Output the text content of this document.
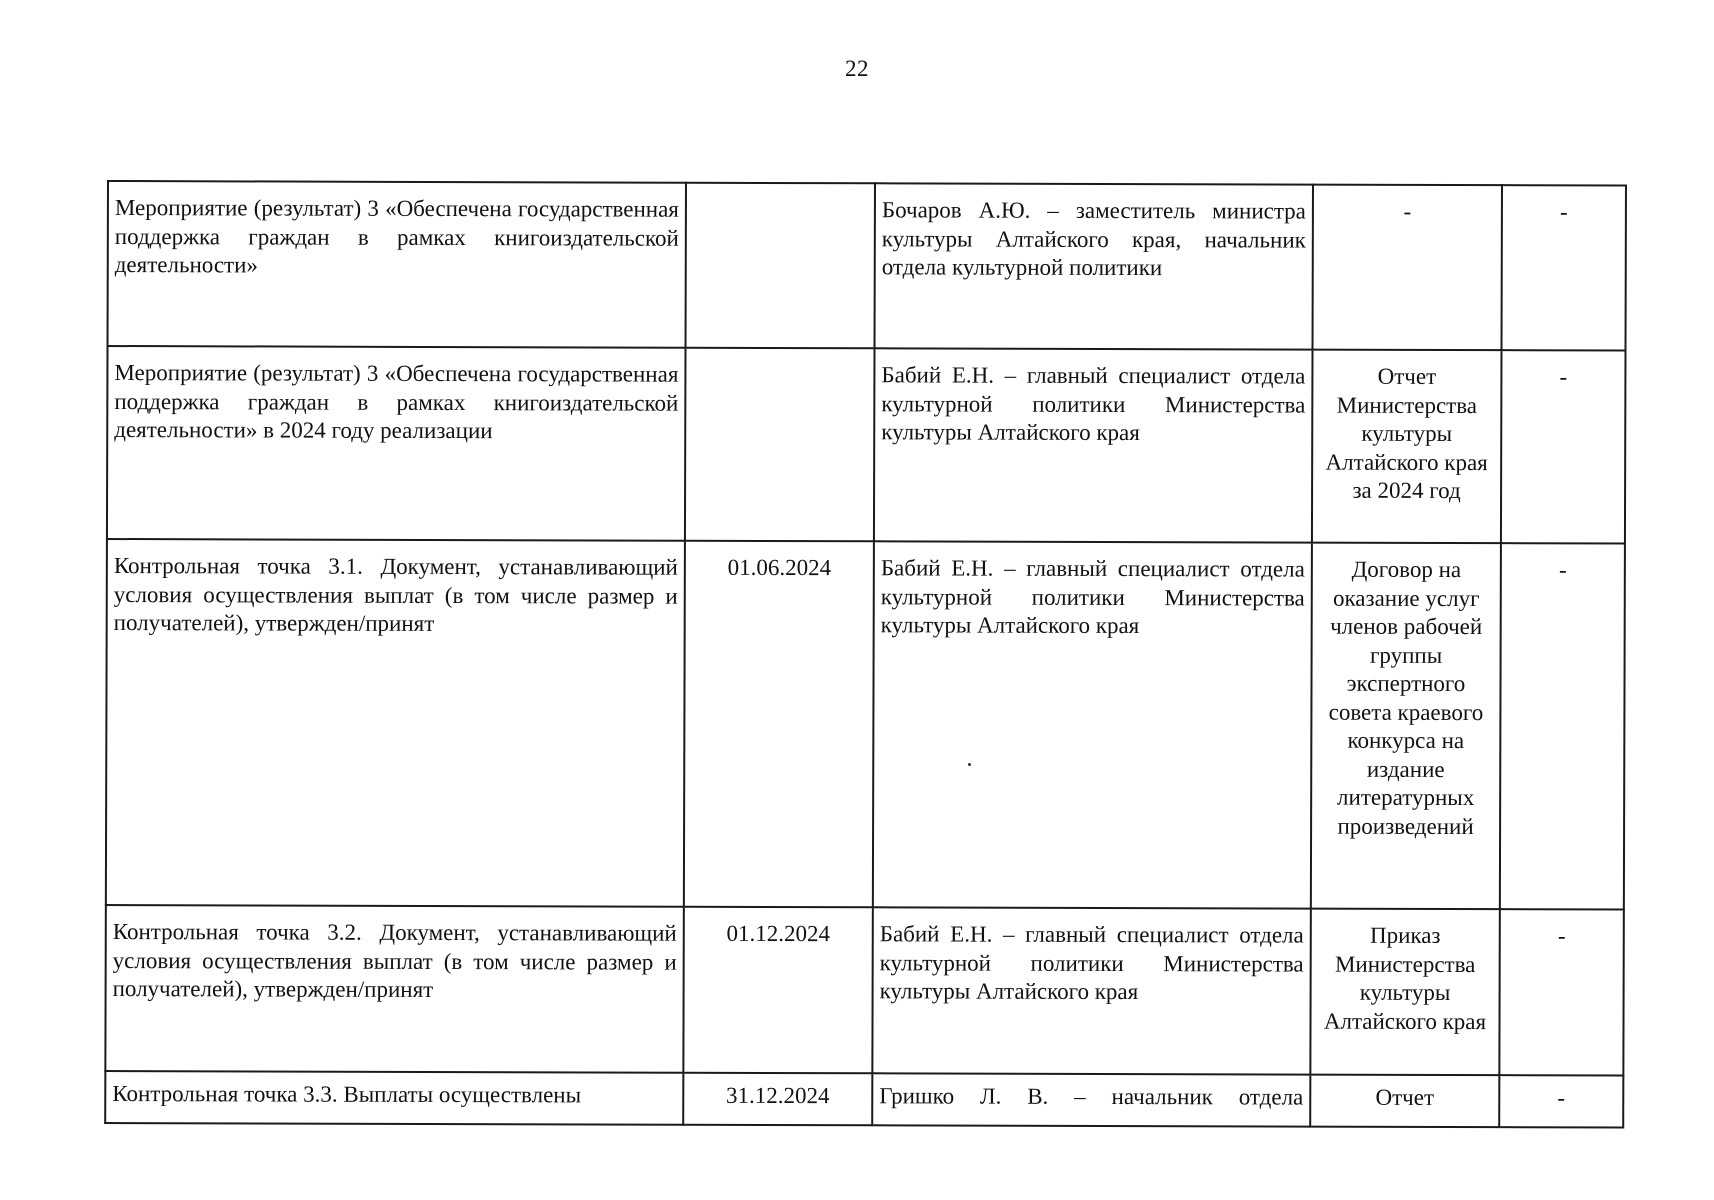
22
Мероприятие (результат) 3 «Обеспечена государственная поддержка граждан в рамках книгоиздательской деятельности»		Бочаров А.Ю. – заместитель министра культуры Алтайского края, начальник отдела культурной политики	-	-
Мероприятие (результат) 3 «Обеспечена государственная поддержка граждан в рамках книгоиздательской деятельности» в 2024 году реализации		Бабий Е.Н. – главный специалист отдела культурной политики Министерства культуры Алтайского края	Отчет Министерства культуры Алтайского края за 2024 год	-
Контрольная точка 3.1. Документ, устанавливающий условия осуществления выплат (в том числе размер и получателей), утвержден/принят	01.06.2024	Бабий Е.Н. – главный специалист отдела культурной политики Министерства культуры Алтайского края	Договор на оказание услуг членов рабочей группы экспертного совета краевого конкурса на издание литературных произведений	-
Контрольная точка 3.2. Документ, устанавливающий условия осуществления выплат (в том числе размер и получателей), утвержден/принят	01.12.2024	Бабий Е.Н. – главный специалист отдела культурной политики Министерства культуры Алтайского края	Приказ Министерства культуры Алтайского края	-
Контрольная точка 3.3. Выплаты осуществлены	31.12.2024	Гришко Л. В. – начальник отдела	Отчет	-
